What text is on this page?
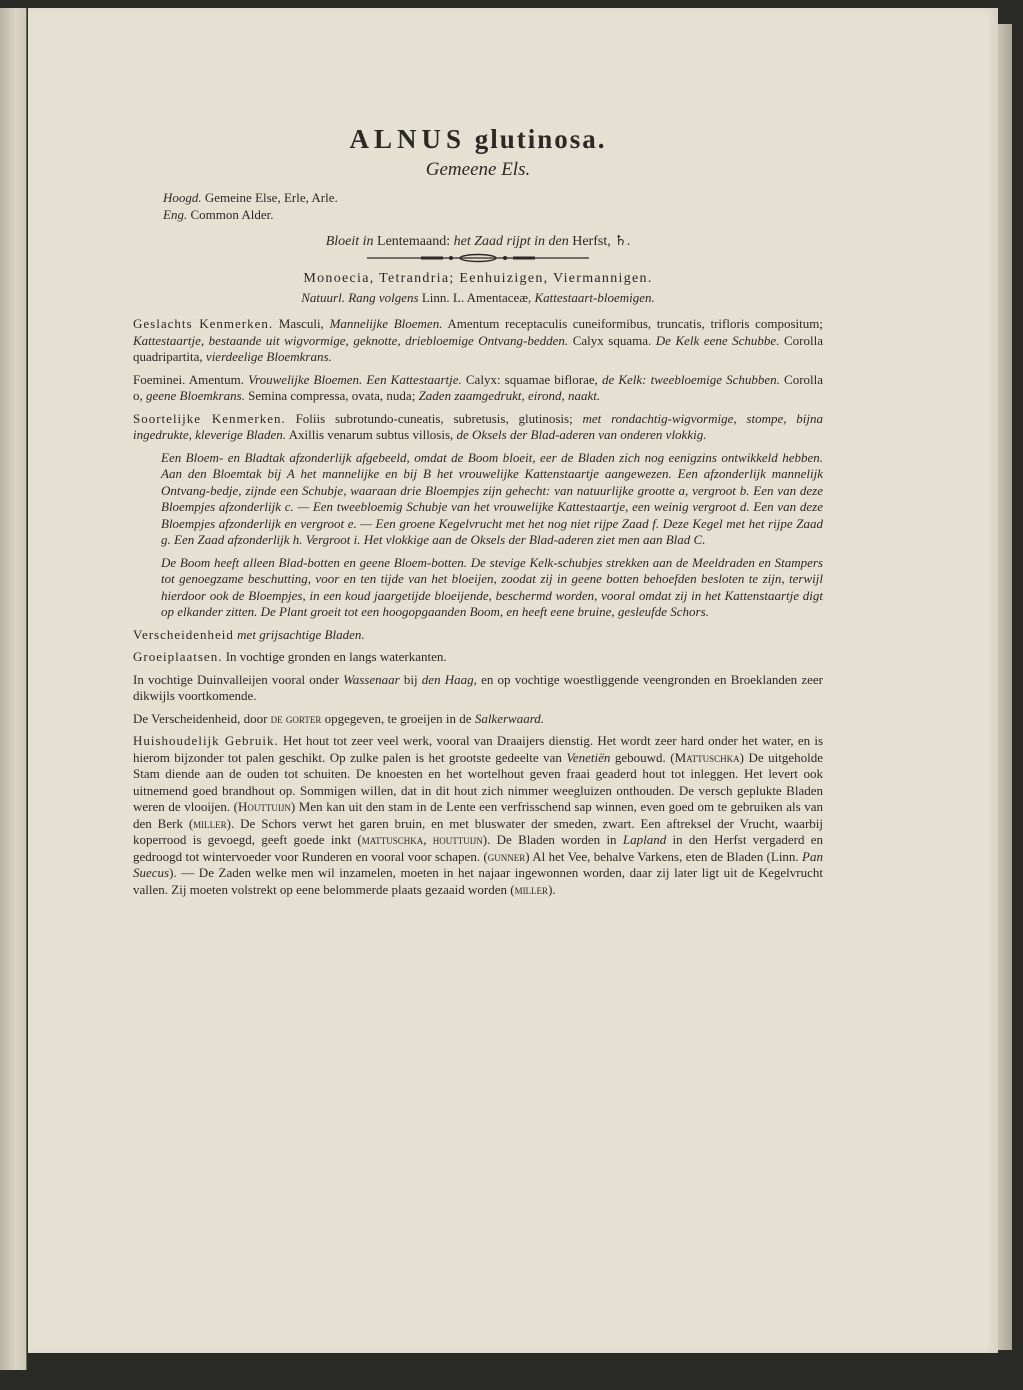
ALNUS glutinosa.
Gemeene Els.
Hoogd. Gemeine Else, Erle, Arle.
Eng. Common Alder.
Bloeit in Lentemaand: het Zaad rijpt in den Herfst, ♄.
Monoecia, Tetrandria; Eenhuizigen, Viermannigen.
Natuurl. Rang volgens Linn. L. Amentaceæ, Kattestaart-bloemigen.

Geslachts Kenmerken. Masculi, Mannelijke Bloemen. Amentum receptaculis cuneiformibus, truncatis, trifloris compositum; Kattestaartje, bestaande uit wigvormige, geknotte, driebloemige Ontvang-bedden. Calyx squama. De Kelk eene Schubbe. Corolla quadripartita, vierdeelige Bloemkrans.

Foeminei. Amentum. Vrouwelijke Bloemen. Een Kattestaartje. Calyx: squamae biflorae, de Kelk: tweebloemige Schubben. Corolla o, geene Bloemkrans. Semina compressa, ovata, nuda; Zaden zaamgedrukt, eirond, naakt.

Soortelijke Kenmerken. Foliis subrotundo-cuneatis, subretusis, glutinosis; met rondachtig-wigvormige, stompe, bijna ingedrukte, kleverige Bladen. Axillis venarum subtus villosis, de Oksels der Blad-aderen van onderen vlokkig.

Een Bloem- en Bladtak afzonderlijk afgebeeld, omdat de Boom bloeit, eer de Bladen zich nog eenigzins ontwikkeld hebben. Aan den Bloemtak bij A het mannelijke en bij B het vrouwelijke Kattenstaartje aangewezen. Een afzonderlijk mannelijk Ontvang-bedje, zijnde een Schubje, waaraan drie Bloempjes zijn gehecht: van natuurlijke grootte a, vergroot b. Een van deze Bloempjes afzonderlijk c. — Een tweebloemig Schubje van het vrouwelijke Kattestaartje, een weinig vergroot d. Een van deze Bloempjes afzonderlijk en vergroot e. — Een groene Kegelvrucht met het nog niet rijpe Zaad f. Deze Kegel met het rijpe Zaad g. Een Zaad afzonderlijk h. Vergroot i. Het vlokkige aan de Oksels der Blad-aderen ziet men aan Blad C.

De Boom heeft alleen Blad-botten en geene Bloem-botten. De stevige Kelk-schubjes strekken aan de Meeldraden en Stampers tot genoegzame beschutting, voor en ten tijde van het bloeijen, zoodat zij in geene botten behoefden besloten te zijn, terwijl hierdoor ook de Bloempjes, in een koud jaargetijde bloeijende, beschermd worden, vooral omdat zij in het Kattenstaartje digt op elkander zitten. De Plant groeit tot een hoogopgaanden Boom, en heeft eene bruine, gesleufde Schors.

Verscheidenheid met grijsachtige Bladen.

Groeiplaatsen. In vochtige gronden en langs waterkanten.

In vochtige Duinvalleijen vooral onder Wassenaar bij den Haag, en op vochtige woestliggende veengronden en Broeklanden zeer dikwijls voortkomende.

De Verscheidenheid, door de gorter opgegeven, te groeijen in de Salkerwaard.

Huishoudelijk Gebruik. Het hout tot zeer veel werk, vooral van Draaijers dienstig. Het wordt zeer hard onder het water, en is hierom bijzonder tot palen geschikt. Op zulke palen is het grootste gedeelte van Venetiën gebouwd. (Mattuschka) De uitgeholde Stam diende aan de ouden tot schuiten. De knoesten en het wortelhout geven fraai geaderd hout tot inleggen. Het levert ook uitnemend goed brandhout op. Sommigen willen, dat in dit hout zich nimmer weegluizen onthouden. De versch geplukte Bladen weren de vlooijen. (Houttuijn) Men kan uit den stam in de Lente een verfrisschend sap winnen, even goed om te gebruiken als van den Berk (miller). De Schors verwt het garen bruin, en met bluswater der smeden, zwart. Een aftreksel der Vrucht, waarbij koperrood is gevoegd, geeft goede inkt (mattuschka, houttuijn). De Bladen worden in Lapland in den Herfst vergaderd en gedroogd tot wintervoeder voor Runderen en vooral voor schapen. (gunner) Al het Vee, behalve Varkens, eten de Bladen (Linn. Pan Suecus). — De Zaden welke men wil inzamelen, moeten in het najaar ingewonnen worden, daar zij later ligt uit de Kegelvrucht vallen. Zij moeten volstrekt op eene belommerde plaats gezaaid worden (miller).
